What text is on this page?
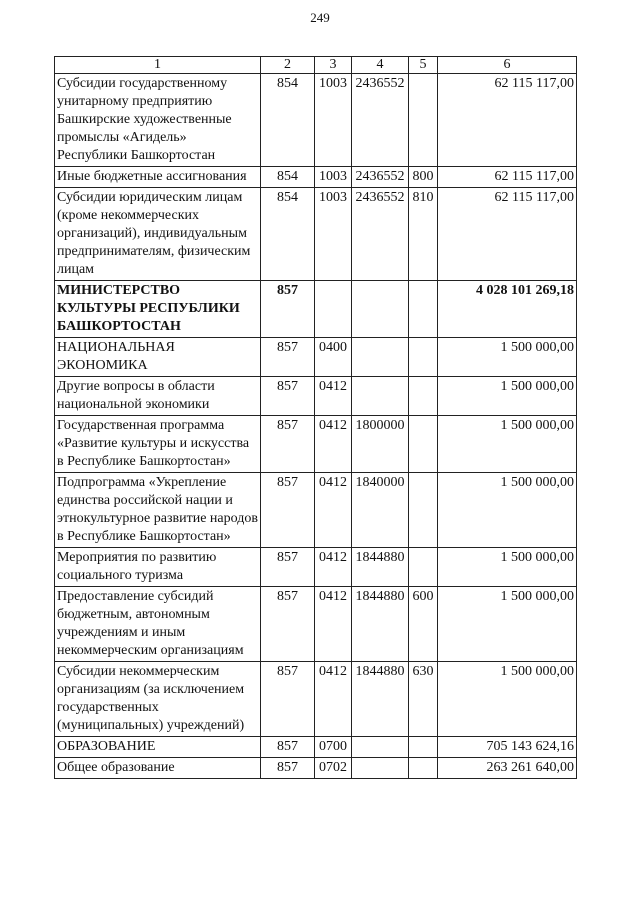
249
1	2	3	4	5	6
Субсидии государственному унитарному предприятию Башкирские художественные промыслы «Агидель» Республики Башкортостан	854	1003	2436552		62 115 117,00
Иные бюджетные ассигнования	854	1003	2436552	800	62 115 117,00
Субсидии юридическим лицам (кроме некоммерческих организаций), индивидуальным предпринимателям, физическим лицам	854	1003	2436552	810	62 115 117,00
МИНИСТЕРСТВО КУЛЬТУРЫ РЕСПУБЛИКИ БАШКОРТОСТАН	857				4 028 101 269,18
НАЦИОНАЛЬНАЯ ЭКОНОМИКА	857	0400			1 500 000,00
Другие вопросы в области национальной экономики	857	0412			1 500 000,00
Государственная программа «Развитие культуры и искусства в Республике Башкортостан»	857	0412	1800000		1 500 000,00
Подпрограмма «Укрепление единства российской нации и этнокультурное развитие народов в Республике Башкортостан»	857	0412	1840000		1 500 000,00
Мероприятия по развитию социального туризма	857	0412	1844880		1 500 000,00
Предоставление субсидий бюджетным, автономным учреждениям и иным некоммерческим организациям	857	0412	1844880	600	1 500 000,00
Субсидии некоммерческим организациям (за исключением государственных (муниципальных) учреждений)	857	0412	1844880	630	1 500 000,00
ОБРАЗОВАНИЕ	857	0700			705 143 624,16
Общее образование	857	0702			263 261 640,00
